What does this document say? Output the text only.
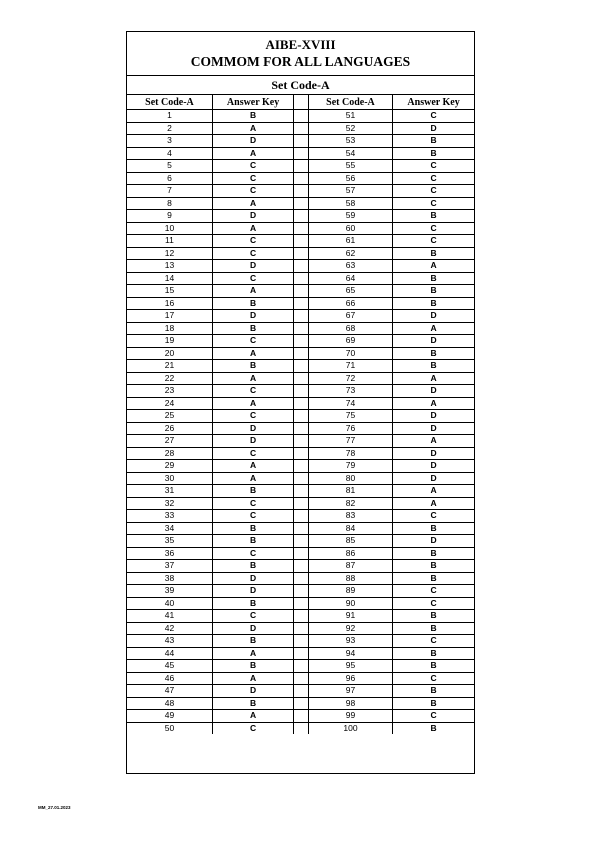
AIBE-XVIII
COMMOM FOR ALL LANGUAGES
Set Code-A
Set Code-A	Answer Key		Set Code-A	Answer Key
1	B		51	C
2	A		52	D
3	D		53	B
4	A		54	B
5	C		55	C
6	C		56	C
7	C		57	C
8	A		58	C
9	D		59	B
10	A		60	C
11	C		61	C
12	C		62	B
13	D		63	A
14	C		64	B
15	A		65	B
16	B		66	B
17	D		67	D
18	B		68	A
19	C		69	D
20	A		70	B
21	B		71	B
22	A		72	A
23	C		73	D
24	A		74	A
25	C		75	D
26	D		76	D
27	D		77	A
28	C		78	D
29	A		79	D
30	A		80	D
31	B		81	A
32	C		82	A
33	C		83	C
34	B		84	B
35	B		85	D
36	C		86	B
37	B		87	B
38	D		88	B
39	D		89	C
40	B		90	C
41	C		91	B
42	D		92	B
43	B		93	C
44	A		94	B
45	B		95	B
46	A		96	C
47	D		97	B
48	B		98	B
49	A		99	C
50	C		100	B
MM_27.01.2023
